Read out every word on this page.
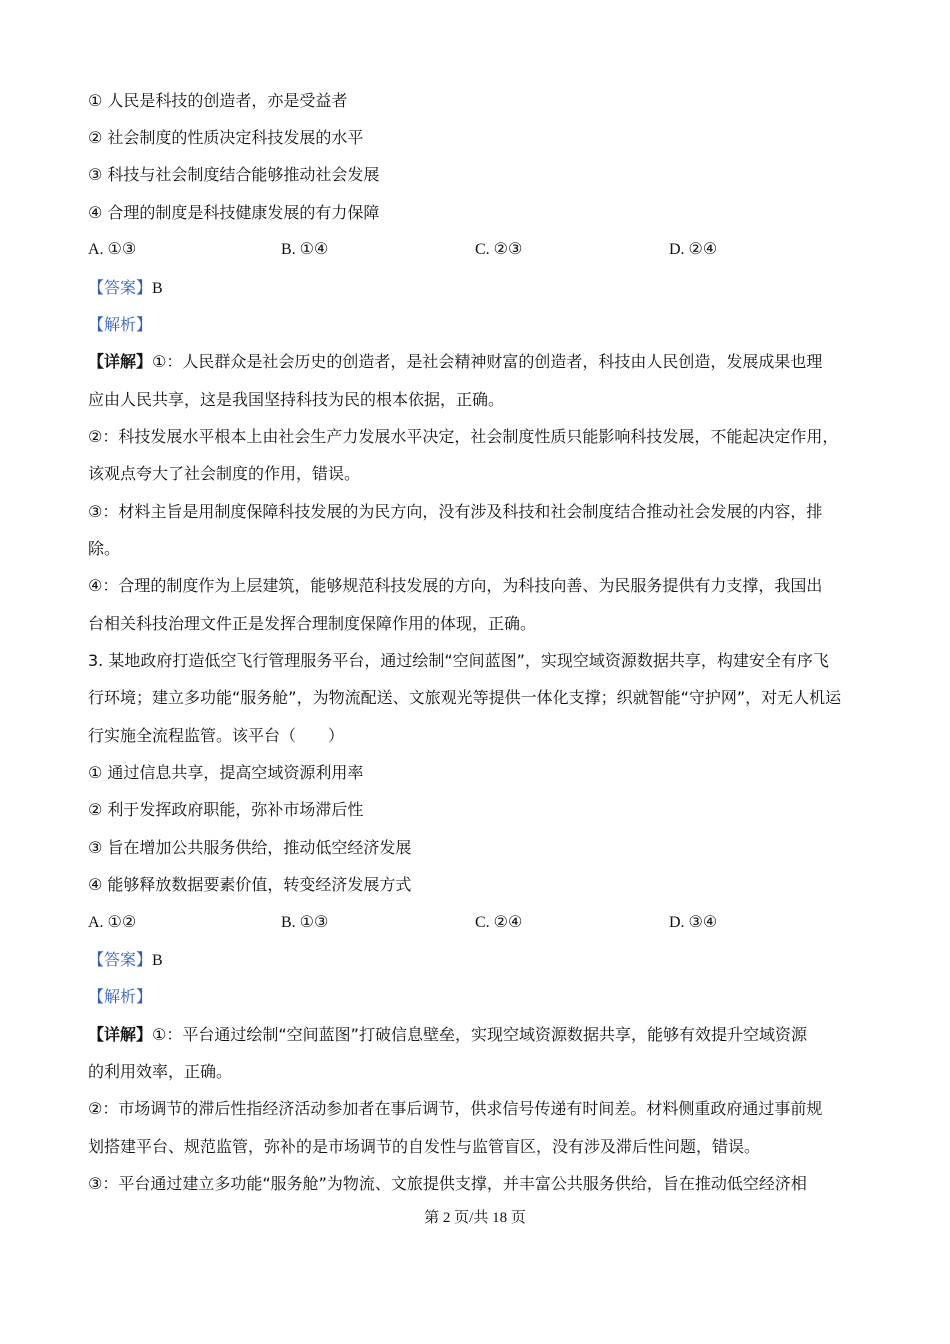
① 人民是科技的创造者，亦是受益者
② 社会制度的性质决定科技发展的水平
③ 科技与社会制度结合能够推动社会发展
④ 合理的制度是科技健康发展的有力保障
A. ①③	B. ①④	C. ②③	D. ②④
【答案】B
【解析】
【详解】①：人民群众是社会历史的创造者，是社会精神财富的创造者，科技由人民创造，发展成果也理
应由人民共享，这是我国坚持科技为民的根本依据，正确。
②：科技发展水平根本上由社会生产力发展水平决定，社会制度性质只能影响科技发展，不能起决定作用，
该观点夸大了社会制度的作用，错误。
③：材料主旨是用制度保障科技发展的为民方向，没有涉及科技和社会制度结合推动社会发展的内容，排
除。
④：合理的制度作为上层建筑，能够规范科技发展的方向，为科技向善、为民服务提供有力支撑，我国出
台相关科技治理文件正是发挥合理制度保障作用的体现，正确。
3. 某地政府打造低空飞行管理服务平台，通过绘制“空间蓝图”，实现空域资源数据共享，构建安全有序飞
行环境；建立多功能“服务舱”，为物流配送、文旅观光等提供一体化支撑；织就智能“守护网”，对无人机运
行实施全流程监管。该平台（　　）
① 通过信息共享，提高空域资源利用率
② 利于发挥政府职能，弥补市场滞后性
③ 旨在增加公共服务供给，推动低空经济发展
④ 能够释放数据要素价值，转变经济发展方式
A. ①②	B. ①③	C. ②④	D. ③④
【答案】B
【解析】
【详解】①：平台通过绘制“空间蓝图”打破信息壁垒，实现空域资源数据共享，能够有效提升空域资源
的利用效率，正确。
②：市场调节的滞后性指经济活动参加者在事后调节，供求信号传递有时间差。材料侧重政府通过事前规
划搭建平台、规范监管，弥补的是市场调节的自发性与监管盲区，没有涉及滞后性问题，错误。
③：平台通过建立多功能“服务舱”为物流、文旅提供支撑，并丰富公共服务供给，旨在推动低空经济相
第 2 页/共 18 页
